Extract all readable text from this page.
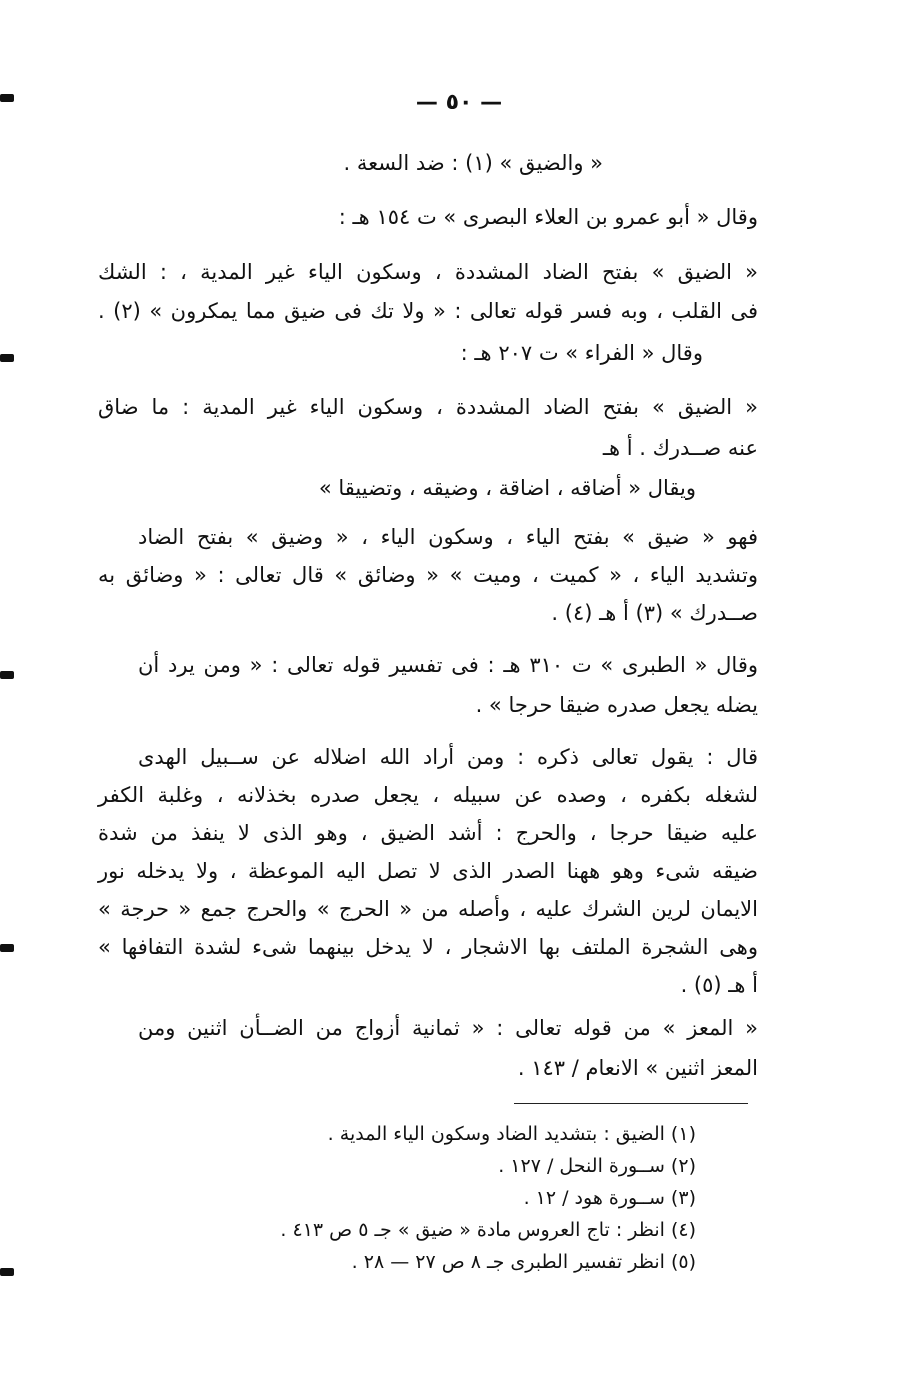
— ٥٠ —
« والضيق » (١) : ضد السعة .
وقال « أبو عمرو بن العلاء البصرى » ت ١٥٤ هـ :
« الضيق » بفتح الضاد المشددة ، وسكون الياء غير المدية ، : الشك
فى القلب ، وبه فسر قوله تعالى : « ولا تك فى ضيق مما يمكرون » (٢) .
وقال « الفراء » ت ٢٠٧ هـ :
« الضيق » بفتح الضاد المشددة ، وسكون الياء غير المدية : ما ضاق
عنه صــدرك . أ هـ
ويقال « أضاقه ، اضاقة ، وضيقه ، وتضييقا »
فهو « ضيق » بفتح الياء ، وسكون الياء ، « وضيق » بفتح الضاد
وتشديد الياء ، « كميت ، وميت » « وضائق » قال تعالى : « وضائق به
صــدرك » (٣) أ هـ (٤) .
وقال « الطبرى » ت ٣١٠ هـ : فى تفسير قوله تعالى : « ومن يرد أن
يضله يجعل صدره ضيقا حرجا » .
قال : يقول تعالى ذكره : ومن أراد الله اضلاله عن ســبيل الهدى
لشغله بكفره ، وصده عن سبيله ، يجعل صدره بخذلانه ، وغلبة الكفر
عليه ضيقا حرجا ، والحرج : أشد الضيق ، وهو الذى لا ينفذ من شدة
ضيقه شىء وهو ههنا الصدر الذى لا تصل اليه الموعظة ، ولا يدخله نور
الايمان لرين الشرك عليه ، وأصله من « الحرج » والحرج جمع « حرجة »
وهى الشجرة الملتف بها الاشجار ، لا يدخل بينهما شىء لشدة التفافها »
أ هـ (٥) .
« المعز » من قوله تعالى : « ثمانية أزواج من الضــأن اثنين ومن
المعز اثنين » الانعام / ١٤٣ .
(١) الضيق : بتشديد الضاد وسكون الياء المدية .
(٢) ســورة النحل / ١٢٧ .
(٣) ســورة هود / ١٢ .
(٤) انظر : تاج العروس مادة « ضيق » جـ ٥ ص ٤١٣ .
(٥) انظر تفسير الطبرى جـ ٨ ص ٢٧ — ٢٨ .
